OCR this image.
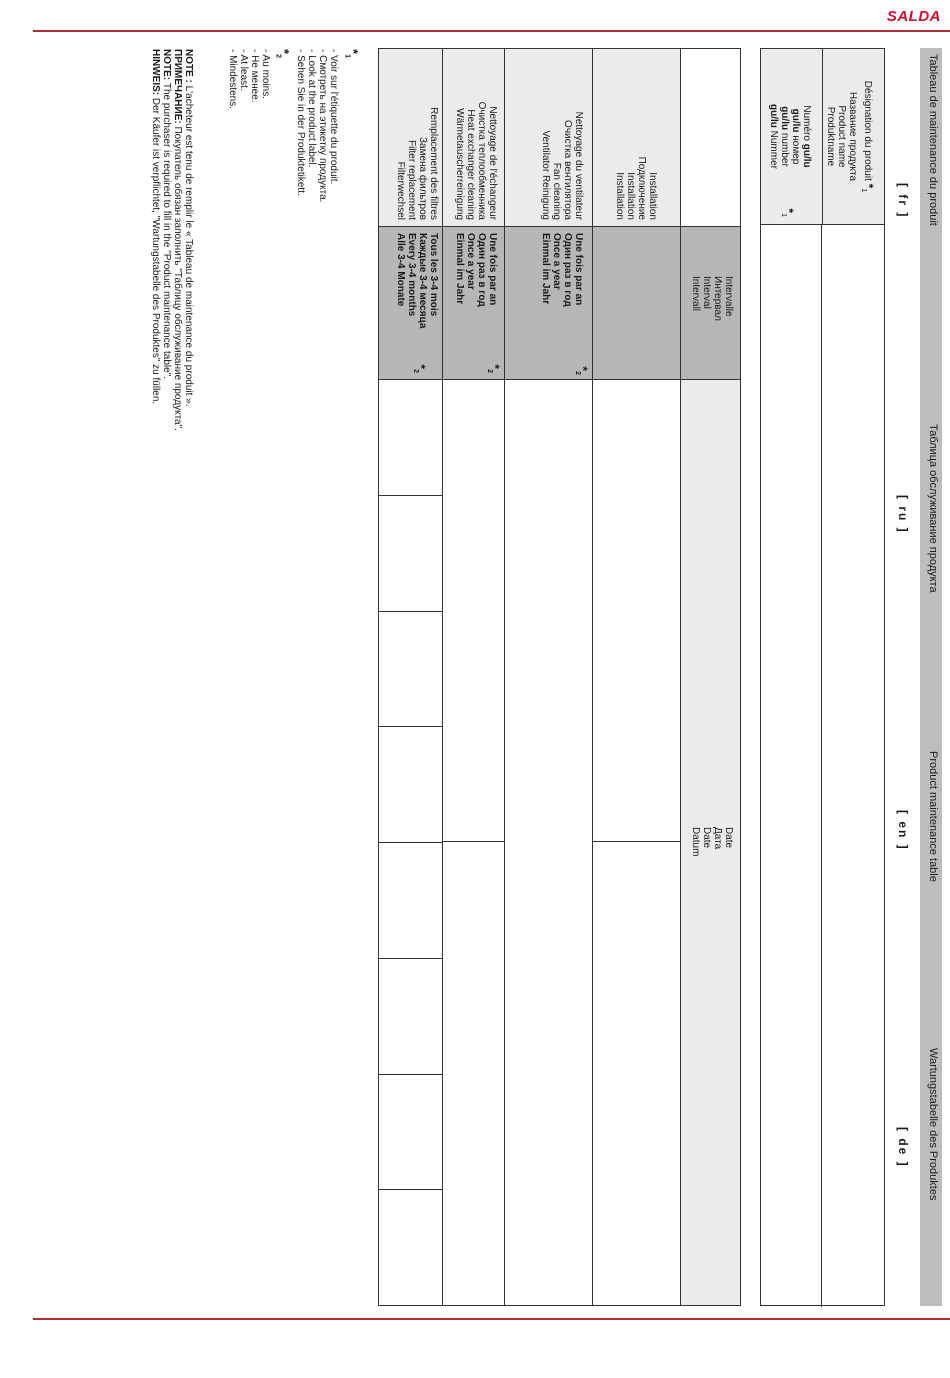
SALDA
Tableau de maintenance du produit
Таблица обслуживание продукта
Product maintenance table
Wartungstabelle des Produktes
[ fr ]
[ ru ]
[ en ]
[ de ]
Désignation du produit $*_1$
Название продукта
Product name
Produktname
$*_1$
Numéro gu/lu
gu/lu номер
gu/lu number
gu/lu Nummer
Intervalle
Интервал
Interval
Intervall
Date
Дата
Date
Datum
Installation
Подключение
Installation
Installation
Nettoyage du ventilateur
Очистка вентилятора
Fan cleaning
Ventilator Reinigung
Une fois par an
Один раз в год
Once a year
Einmal im Jahr
$*_2$
Nettoyage de l'échangeur
Очистка теплообменника
Heat exchanger cleaning
Wärmetauscherreinigung
Une fois par an
Один раз в год
Once a year
Einmal im Jahr
$*_2$
Remplacement des filtres
Замена фильтров
Filter replacement
Filterwechsel
Tous les 3-4 mois
Каждые 3-4 месяца
Every 3-4 months
Alle 3-4 Monate
$*_2$
$*_1$
- Voir sur l'étiquette du produit.
- Смотреть на этикетку продукта.
- Look at the product label.
- Sehen Sie in der Produktetikett.
$*_2$
- Au moins.
- Не менее.
- At least.
- Mindestens.
NOTE : L'acheteur est tenu de remplir le « Tableau de maintenance du produit ».
ПРИМЕЧАНИЕ: Покупатель обязан заполнить "Таблицу обслуживание продукта".
NOTE: The purchaser is required to fill in the "Product maintenance table".
HINWEIS: Der Käufer ist verpflichtet, "Wartungstabelle des Produktes" zu füllen.
